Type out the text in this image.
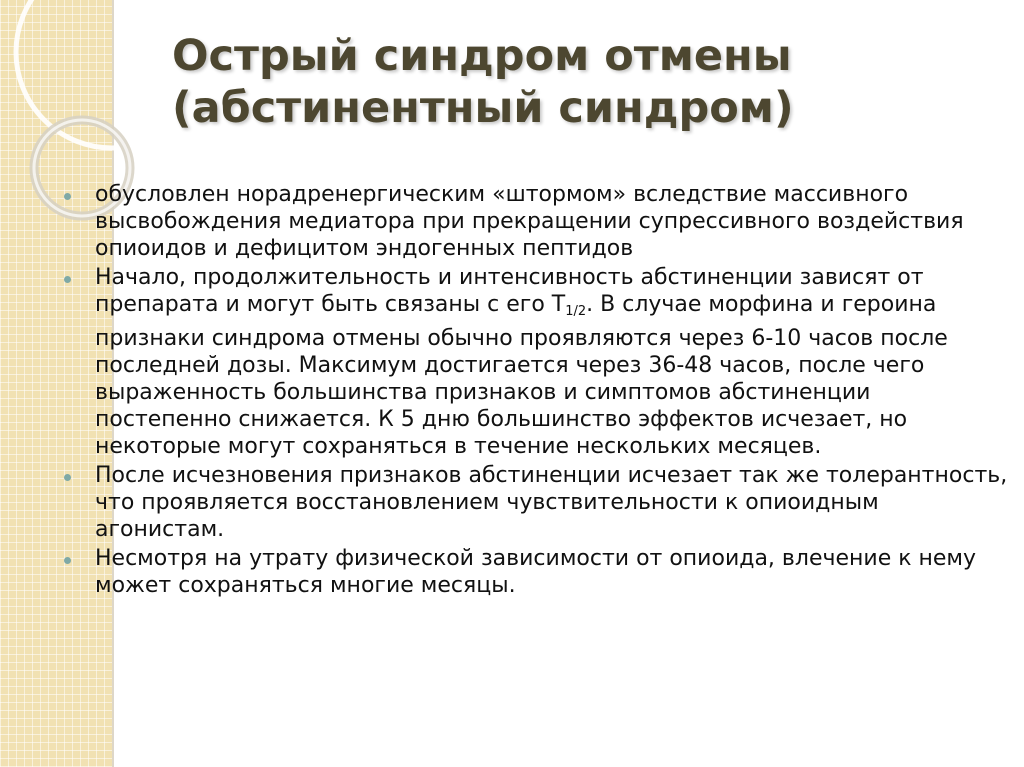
Острый синдром отмены
(абстинентный синдром)
обусловлен норадренергическим «штормом» вследствие массивного высвобождения медиатора при прекращении супрессивного воздействия опиоидов и дефицитом эндогенных пептидов
Начало, продолжительность и интенсивность абстиненции зависят от препарата и могут быть связаны с его $Т_{1/2}$. В случае морфина и героина признаки синдрома отмены обычно проявляются через 6-10 часов после последней дозы. Максимум достигается через 36-48 часов, после чего выраженность большинства признаков и симптомов абстиненции постепенно снижается. К 5 дню большинство эффектов исчезает, но некоторые могут сохраняться в течение нескольких месяцев.
После исчезновения признаков абстиненции исчезает так же толерантность, что проявляется восстановлением чувствительности к опиоидным агонистам.
Несмотря на утрату физической зависимости от опиоида, влечение к нему может сохраняться многие месяцы.
